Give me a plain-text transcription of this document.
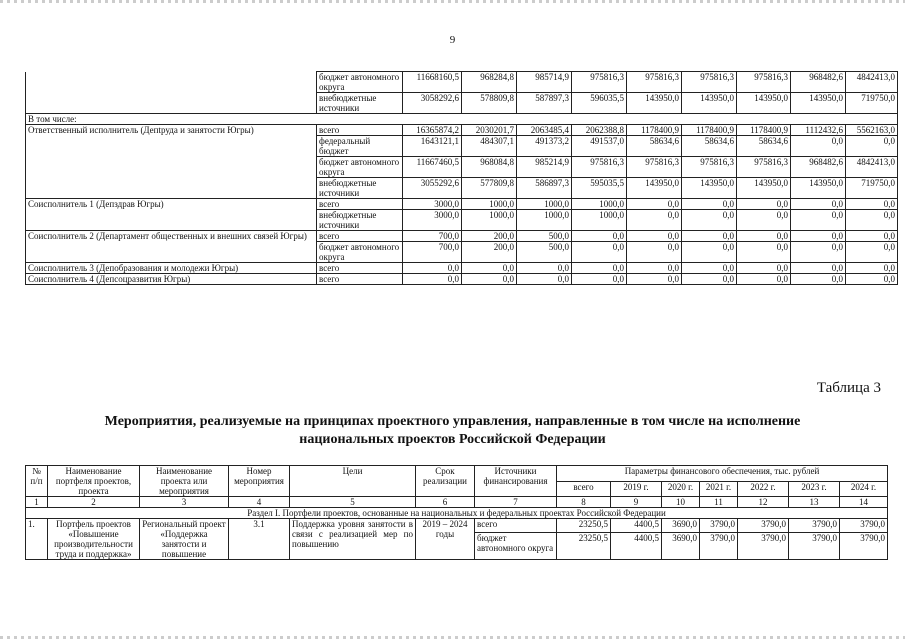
9
	бюджет автономного округа	11668160,5	968284,8	985714,9	975816,3	975816,3	975816,3	975816,3	968482,6	4842413,0
	внебюджетные источники	3058292,6	578809,8	587897,3	596035,5	143950,0	143950,0	143950,0	143950,0	719750,0
В том числе:										
Ответственный исполнитель (Депtруда и занятости Югры)	всего	16365874,2	2030201,7	2063485,4	2062388,8	1178400,9	1178400,9	1178400,9	1112432,6	5562163,0
	федеральный бюджет	1643121,1	484307,1	491373,2	491537,0	58634,6	58634,6	58634,6	0,0	0,0
	бюджет автономного округа	11667460,5	968084,8	985214,9	975816,3	975816,3	975816,3	975816,3	968482,6	4842413,0
	внебюджетные источники	3055292,6	577809,8	586897,3	595035,5	143950,0	143950,0	143950,0	143950,0	719750,0
Соисполнитель 1 (Депздрав Югры)	всего	3000,0	1000,0	1000,0	1000,0	0,0	0,0	0,0	0,0	0,0
	внебюджетные источники	3000,0	1000,0	1000,0	1000,0	0,0	0,0	0,0	0,0	0,0
Соисполнитель 2 (Департамент общественных и внешних связей Югры)	всего	700,0	200,0	500,0	0,0	0,0	0,0	0,0	0,0	0,0
	бюджет автономного округа	700,0	200,0	500,0	0,0	0,0	0,0	0,0	0,0	0,0
Соисполнитель 3 (Депобразования и молодежи Югры)	всего	0,0	0,0	0,0	0,0	0,0	0,0	0,0	0,0	0,0
Соисполнитель 4 (Депсоцразвития Югры)	всего	0,0	0,0	0,0	0,0	0,0	0,0	0,0	0,0	0,0
Таблица 3
Мероприятия, реализуемые на принципах проектного управления, направленные в том числе на исполнение национальных проектов Российской Федерации
№ п/п	Наименование портфеля проектов, проекта	Наименование проекта или мероприятия	Номер мероприятия	Цели	Срок реализации	Источники финансирования	Параметры финансового обеспечения, тыс. рублей						
							всего	2019 г.	2020 г.	2021 г.	2022 г.	2023 г.	2024 г.
1	2	3	4	5	6	7	8	9	10	11	12	13	14
Раздел I. Портфели проектов, основанные на национальных и федеральных проектах Российской Федерации													
1.	Портфель проектов «Повышение производительности труда и поддержка»	Региональный проект «Поддержка занятости и повышение	3.1	Поддержка уровня занятости в связи с реализацией мер по повышению	2019 – 2024 годы	всего	23250,5	4400,5	3690,0	3790,0	3790,0	3790,0	3790,0
						бюджет автономного округа	23250,5	4400,5	3690,0	3790,0	3790,0	3790,0	3790,0
